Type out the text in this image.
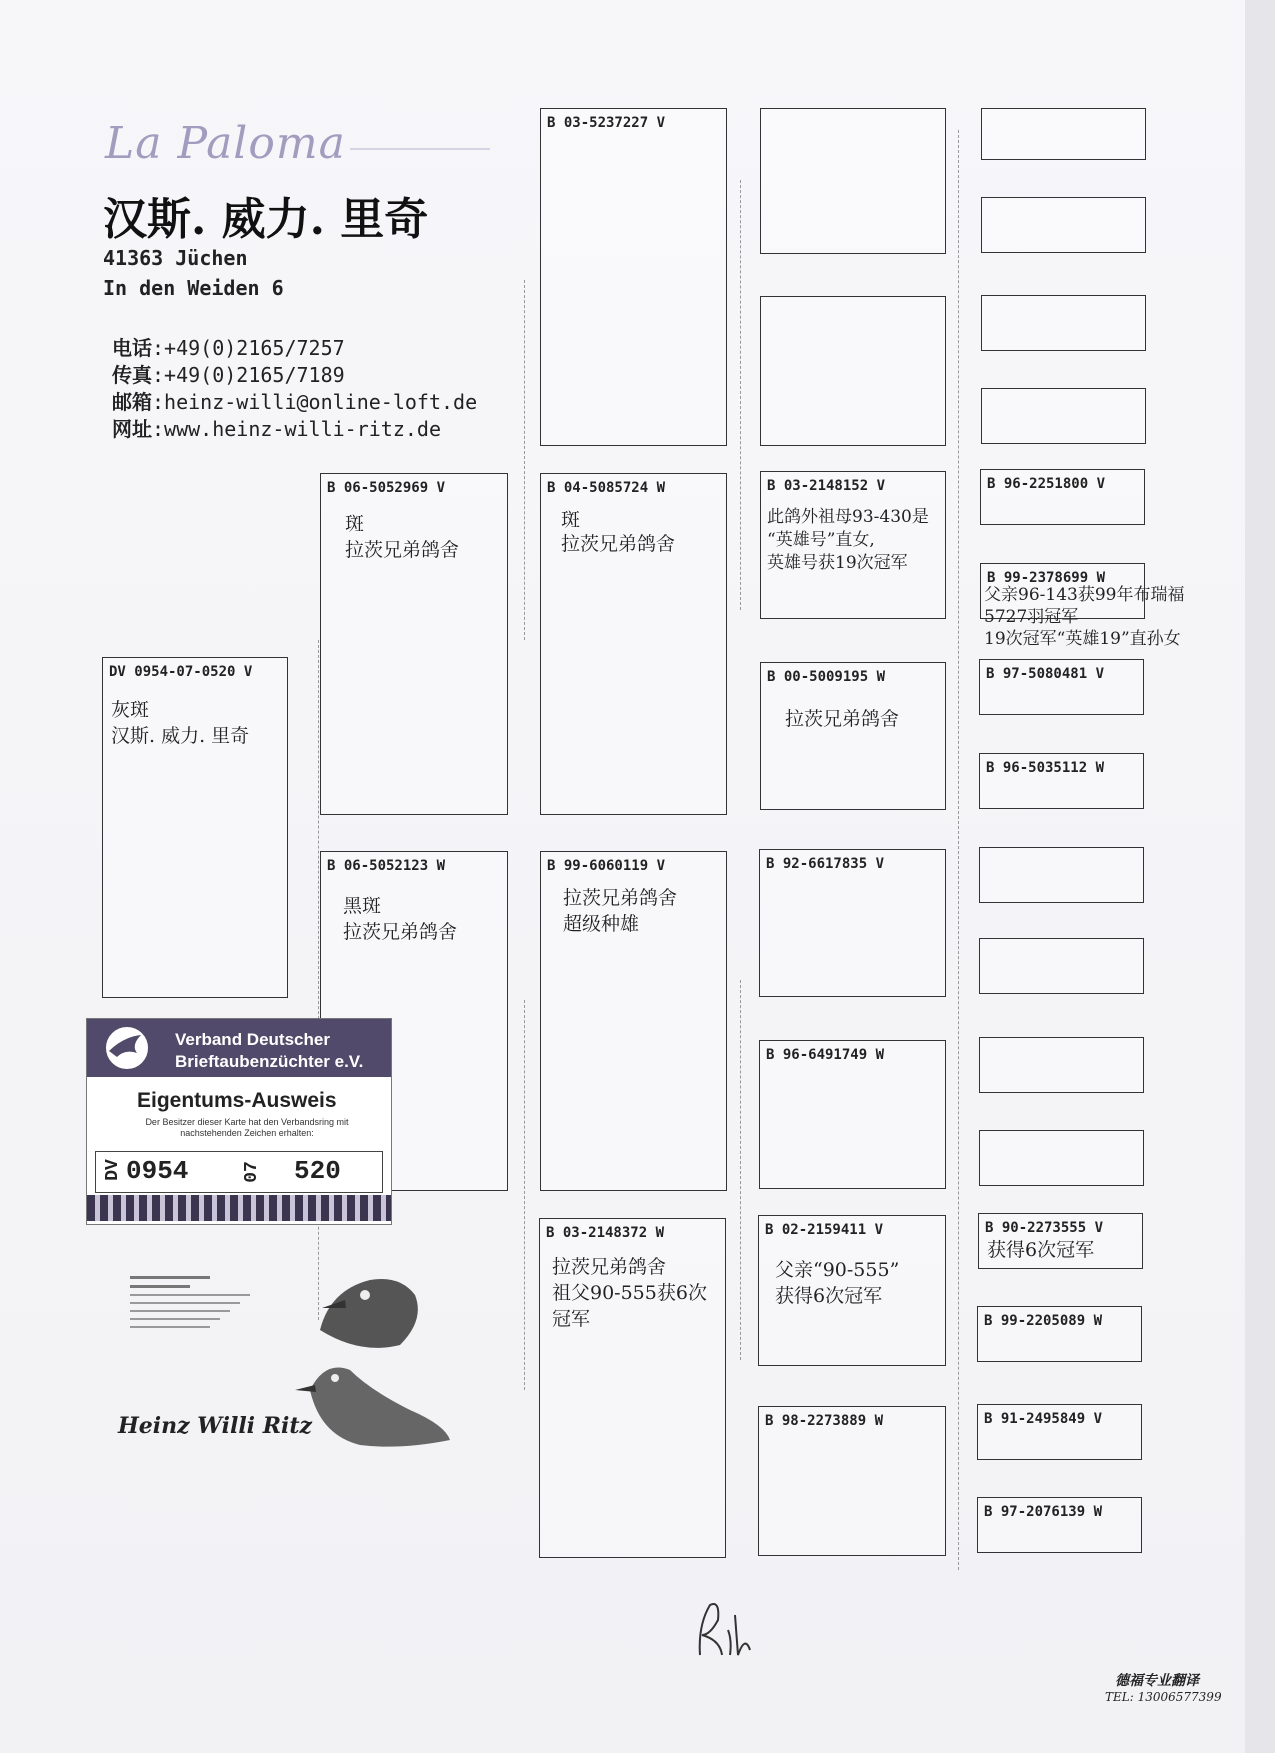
La Paloma
汉斯. 威力. 里奇
41363 Jüchen
In den Weiden 6
电话:+49(0)2165/7257
传真:+49(0)2165/7189
邮箱:heinz-willi@online-loft.de
网址:www.heinz-willi-ritz.de
DV 0954-07-0520 V
灰斑
汉斯. 威力. 里奇
B 06-5052969 V
斑
拉茨兄弟鸽舍
B 06-5052123 W
黑斑
拉茨兄弟鸽舍
B 03-5237227 V
B 04-5085724 W
斑
拉茨兄弟鸽舍
B 99-6060119 V
拉茨兄弟鸽舍
超级种雄
B 03-2148372 W
拉茨兄弟鸽舍
祖父90-555获6次
冠军
B 03-2148152 V
此鸽外祖母93-430是
“英雄号”直女,
英雄号获19次冠军
B 00-5009195 W
拉茨兄弟鸽舍
B 92-6617835 V
B 96-6491749 W
B 02-2159411 V
父亲“90-555”
获得6次冠军
B 98-2273889 W
B 96-2251800 V
B 99-2378699 W
父亲96-143获99年布瑞福
5727羽冠军
19次冠军“英雄19”直孙女
B 97-5080481 V
B 96-5035112 W
B 90-2273555 V
获得6次冠军
B 99-2205089 W
B 91-2495849 V
B 97-2076139 W
Verband Deutscher
Brieftaubenzüchter e.V.
Eigentums-Ausweis
Der Besitzer dieser Karte hat den Verbandsring mit nachstehenden Zeichen erhalten:
DV 0954	07 520
Heinz Willi Ritz
德福专业翻译
TEL: 13006577399
